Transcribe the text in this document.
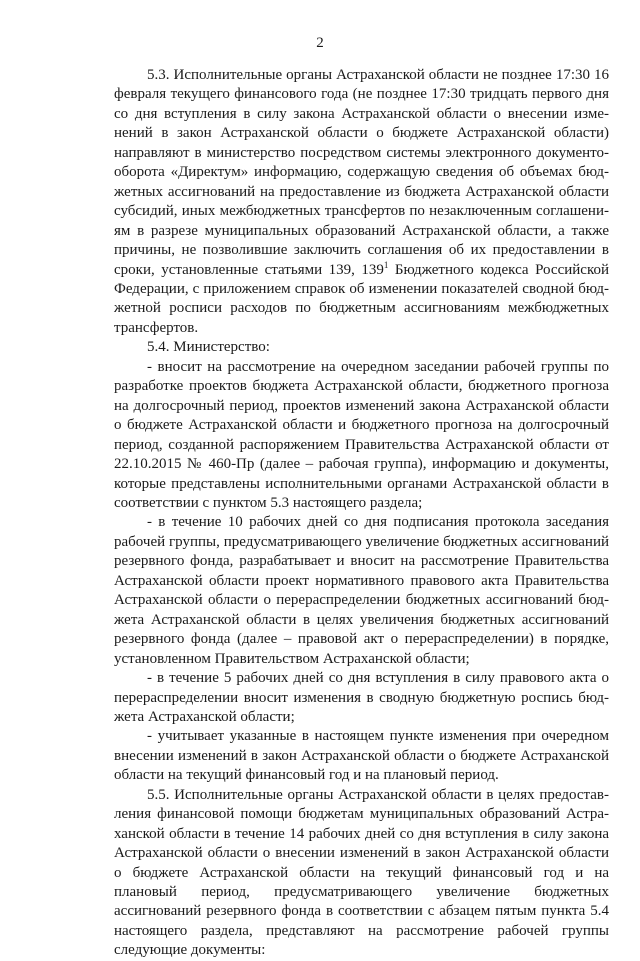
2

5.3. Исполнительные органы Астраханской области не позднее 17:30 16 февраля текущего финансового года (не позднее 17:30 тридцать первого дня со дня вступления в силу закона Астраханской области о внесении изменений в закон Астраханской области о бюджете Астраханской области) направляют в министерство посредством системы электронного документооборота «Директум» информацию, содержащую сведения об объемах бюджетных ассигнований на предоставление из бюджета Астраханской области субсидий, иных межбюджетных трансфертов по незаключенным соглашениям в разрезе муниципальных образований Астраханской области, а также причины, не позволившие заключить соглашения об их предоставлении в сроки, установленные статьями 139, $139^1$ Бюджетного кодекса Российской Федерации, с приложением справок об изменении показателей сводной бюджетной росписи расходов по бюджетным ассигнованиям межбюджетных трансфертов.

5.4. Министерство:

- вносит на рассмотрение на очередном заседании рабочей группы по разработке проектов бюджета Астраханской области, бюджетного прогноза на долгосрочный период, проектов изменений закона Астраханской области о бюджете Астраханской области и бюджетного прогноза на долгосрочный период, созданной распоряжением Правительства Астраханской области от 22.10.2015 № 460-Пр (далее – рабочая группа), информацию и документы, которые представлены исполнительными органами Астраханской области в соответствии с пунктом 5.3 настоящего раздела;

- в течение 10 рабочих дней со дня подписания протокола заседания рабочей группы, предусматривающего увеличение бюджетных ассигнований резервного фонда, разрабатывает и вносит на рассмотрение Правительства Астраханской области проект нормативного правового акта Правительства Астраханской области о перераспределении бюджетных ассигнований бюджета Астраханской области в целях увеличения бюджетных ассигнований резервного фонда (далее – правовой акт о перераспределении) в порядке, установленном Правительством Астраханской области;

- в течение 5 рабочих дней со дня вступления в силу правового акта о перераспределении вносит изменения в сводную бюджетную роспись бюджета Астраханской области;

- учитывает указанные в настоящем пункте изменения при очередном внесении изменений в закон Астраханской области о бюджете Астраханской области на текущий финансовый год и на плановый период.

5.5. Исполнительные органы Астраханской области в целях предоставления финансовой помощи бюджетам муниципальных образований Астраханской области в течение 14 рабочих дней со дня вступления в силу закона Астраханской области о внесении изменений в закон Астраханской области о бюджете Астраханской области на текущий финансовый год и на плановый период, предусматривающего увеличение бюджетных ассигнований резервного фонда в соответствии с абзацем пятым пункта 5.4 настоящего раздела, представляют на рассмотрение рабочей группы следующие документы:
